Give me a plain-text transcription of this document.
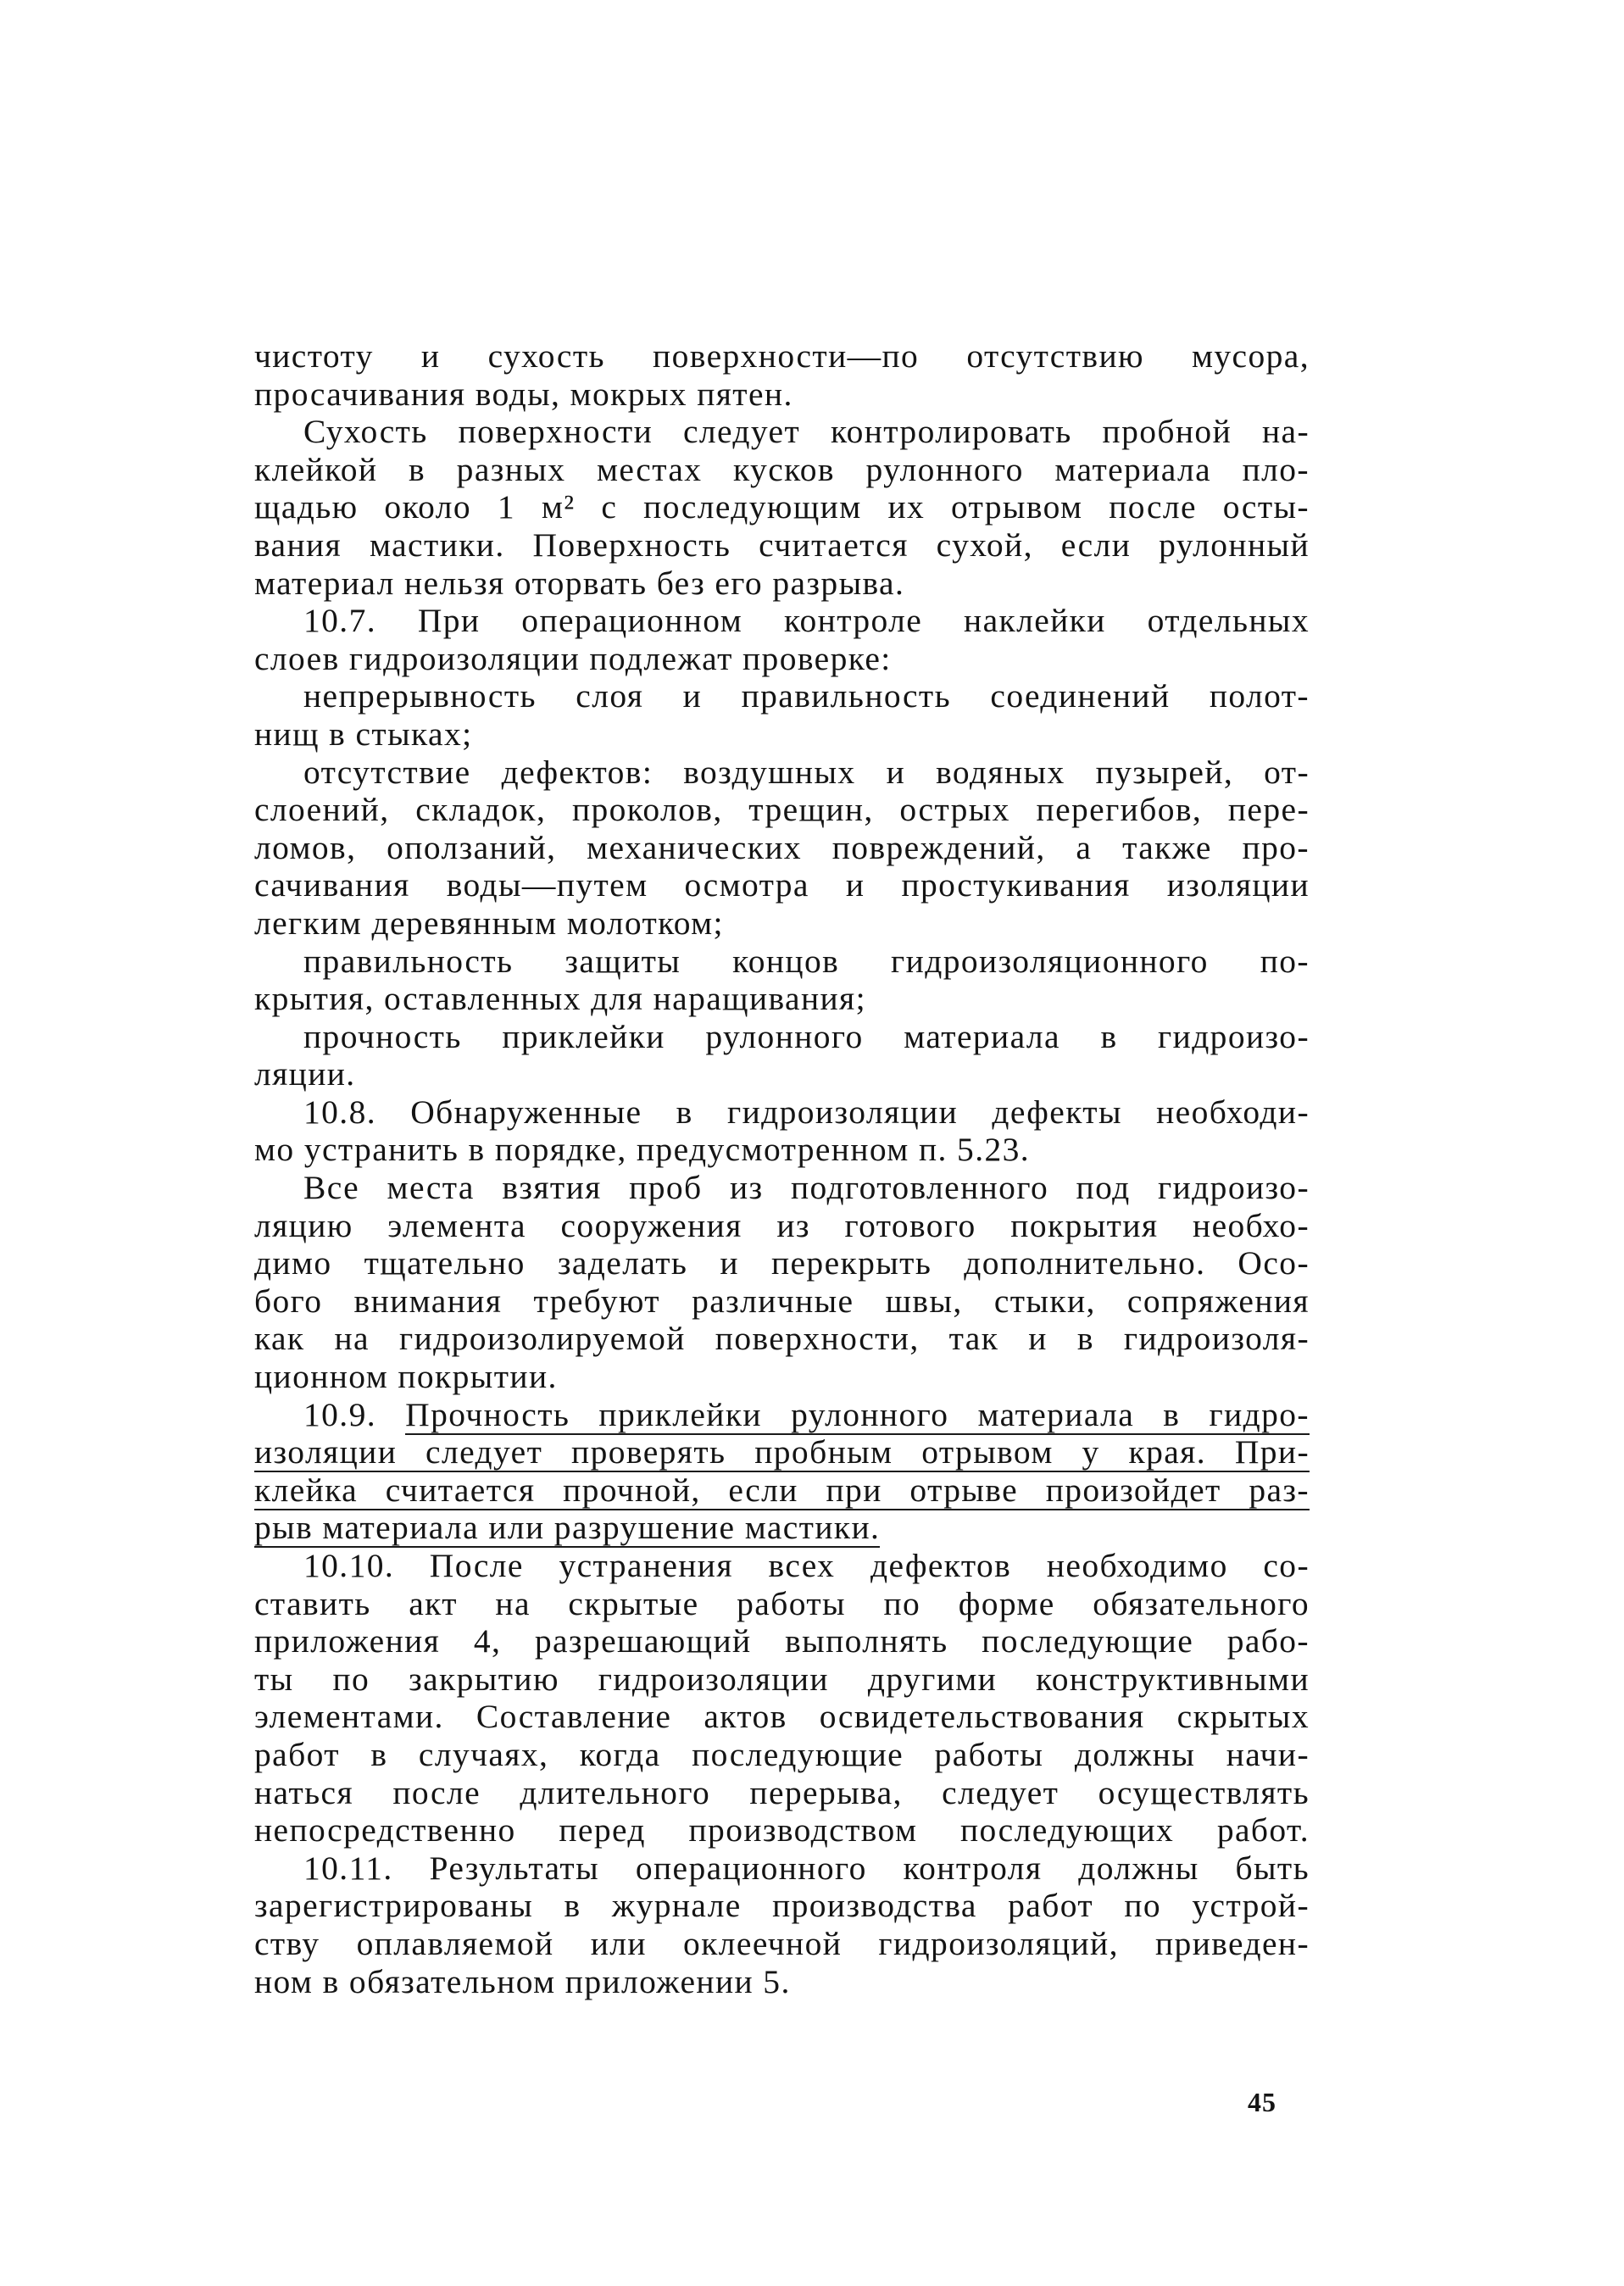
чистоту и сухость поверхности—по отсутствию мусора,
просачивания воды, мокрых пятен.
Сухость поверхности следует контролировать пробной на-
клейкой в разных местах кусков рулонного материала пло-
щадью около 1 м² с последующим их отрывом после осты-
вания мастики. Поверхность считается сухой, если рулонный
материал нельзя оторвать без его разрыва.
10.7. При операционном контроле наклейки отдельных
слоев гидроизоляции подлежат проверке:
непрерывность слоя и правильность соединений полот-
нищ в стыках;
отсутствие дефектов: воздушных и водяных пузырей, от-
слоений, складок, проколов, трещин, острых перегибов, пере-
ломов, оползаний, механических повреждений, а также про-
сачивания воды—путем осмотра и простукивания изоляции
легким деревянным молотком;
правильность защиты концов гидроизоляционного по-
крытия, оставленных для наращивания;
прочность приклейки рулонного материала в гидроизо-
ляции.
10.8. Обнаруженные в гидроизоляции дефекты необходи-
мо устранить в порядке, предусмотренном п. 5.23.
Все места взятия проб из подготовленного под гидроизо-
ляцию элемента сооружения из готового покрытия необхо-
димо тщательно заделать и перекрыть дополнительно. Осо-
бого внимания требуют различные швы, стыки, сопряжения
как на гидроизолируемой поверхности, так и в гидроизоля-
ционном покрытии.
10.9. Прочность приклейки рулонного материала в гидро-
изоляции следует проверять пробным отрывом у края. При-
клейка считается прочной, если при отрыве произойдет раз-
рыв материала или разрушение мастики.
10.10. После устранения всех дефектов необходимо со-
ставить акт на скрытые работы по форме обязательного
приложения 4, разрешающий выполнять последующие рабо-
ты по закрытию гидроизоляции другими конструктивными
элементами. Составление актов освидетельствования скрытых
работ в случаях, когда последующие работы должны начи-
наться после длительного перерыва, следует осуществлять
непосредственно перед производством последующих работ.
10.11. Результаты операционного контроля должны быть
зарегистрированы в журнале производства работ по устрой-
ству оплавляемой или оклеечной гидроизоляций, приведен-
ном в обязательном приложении 5.
45
